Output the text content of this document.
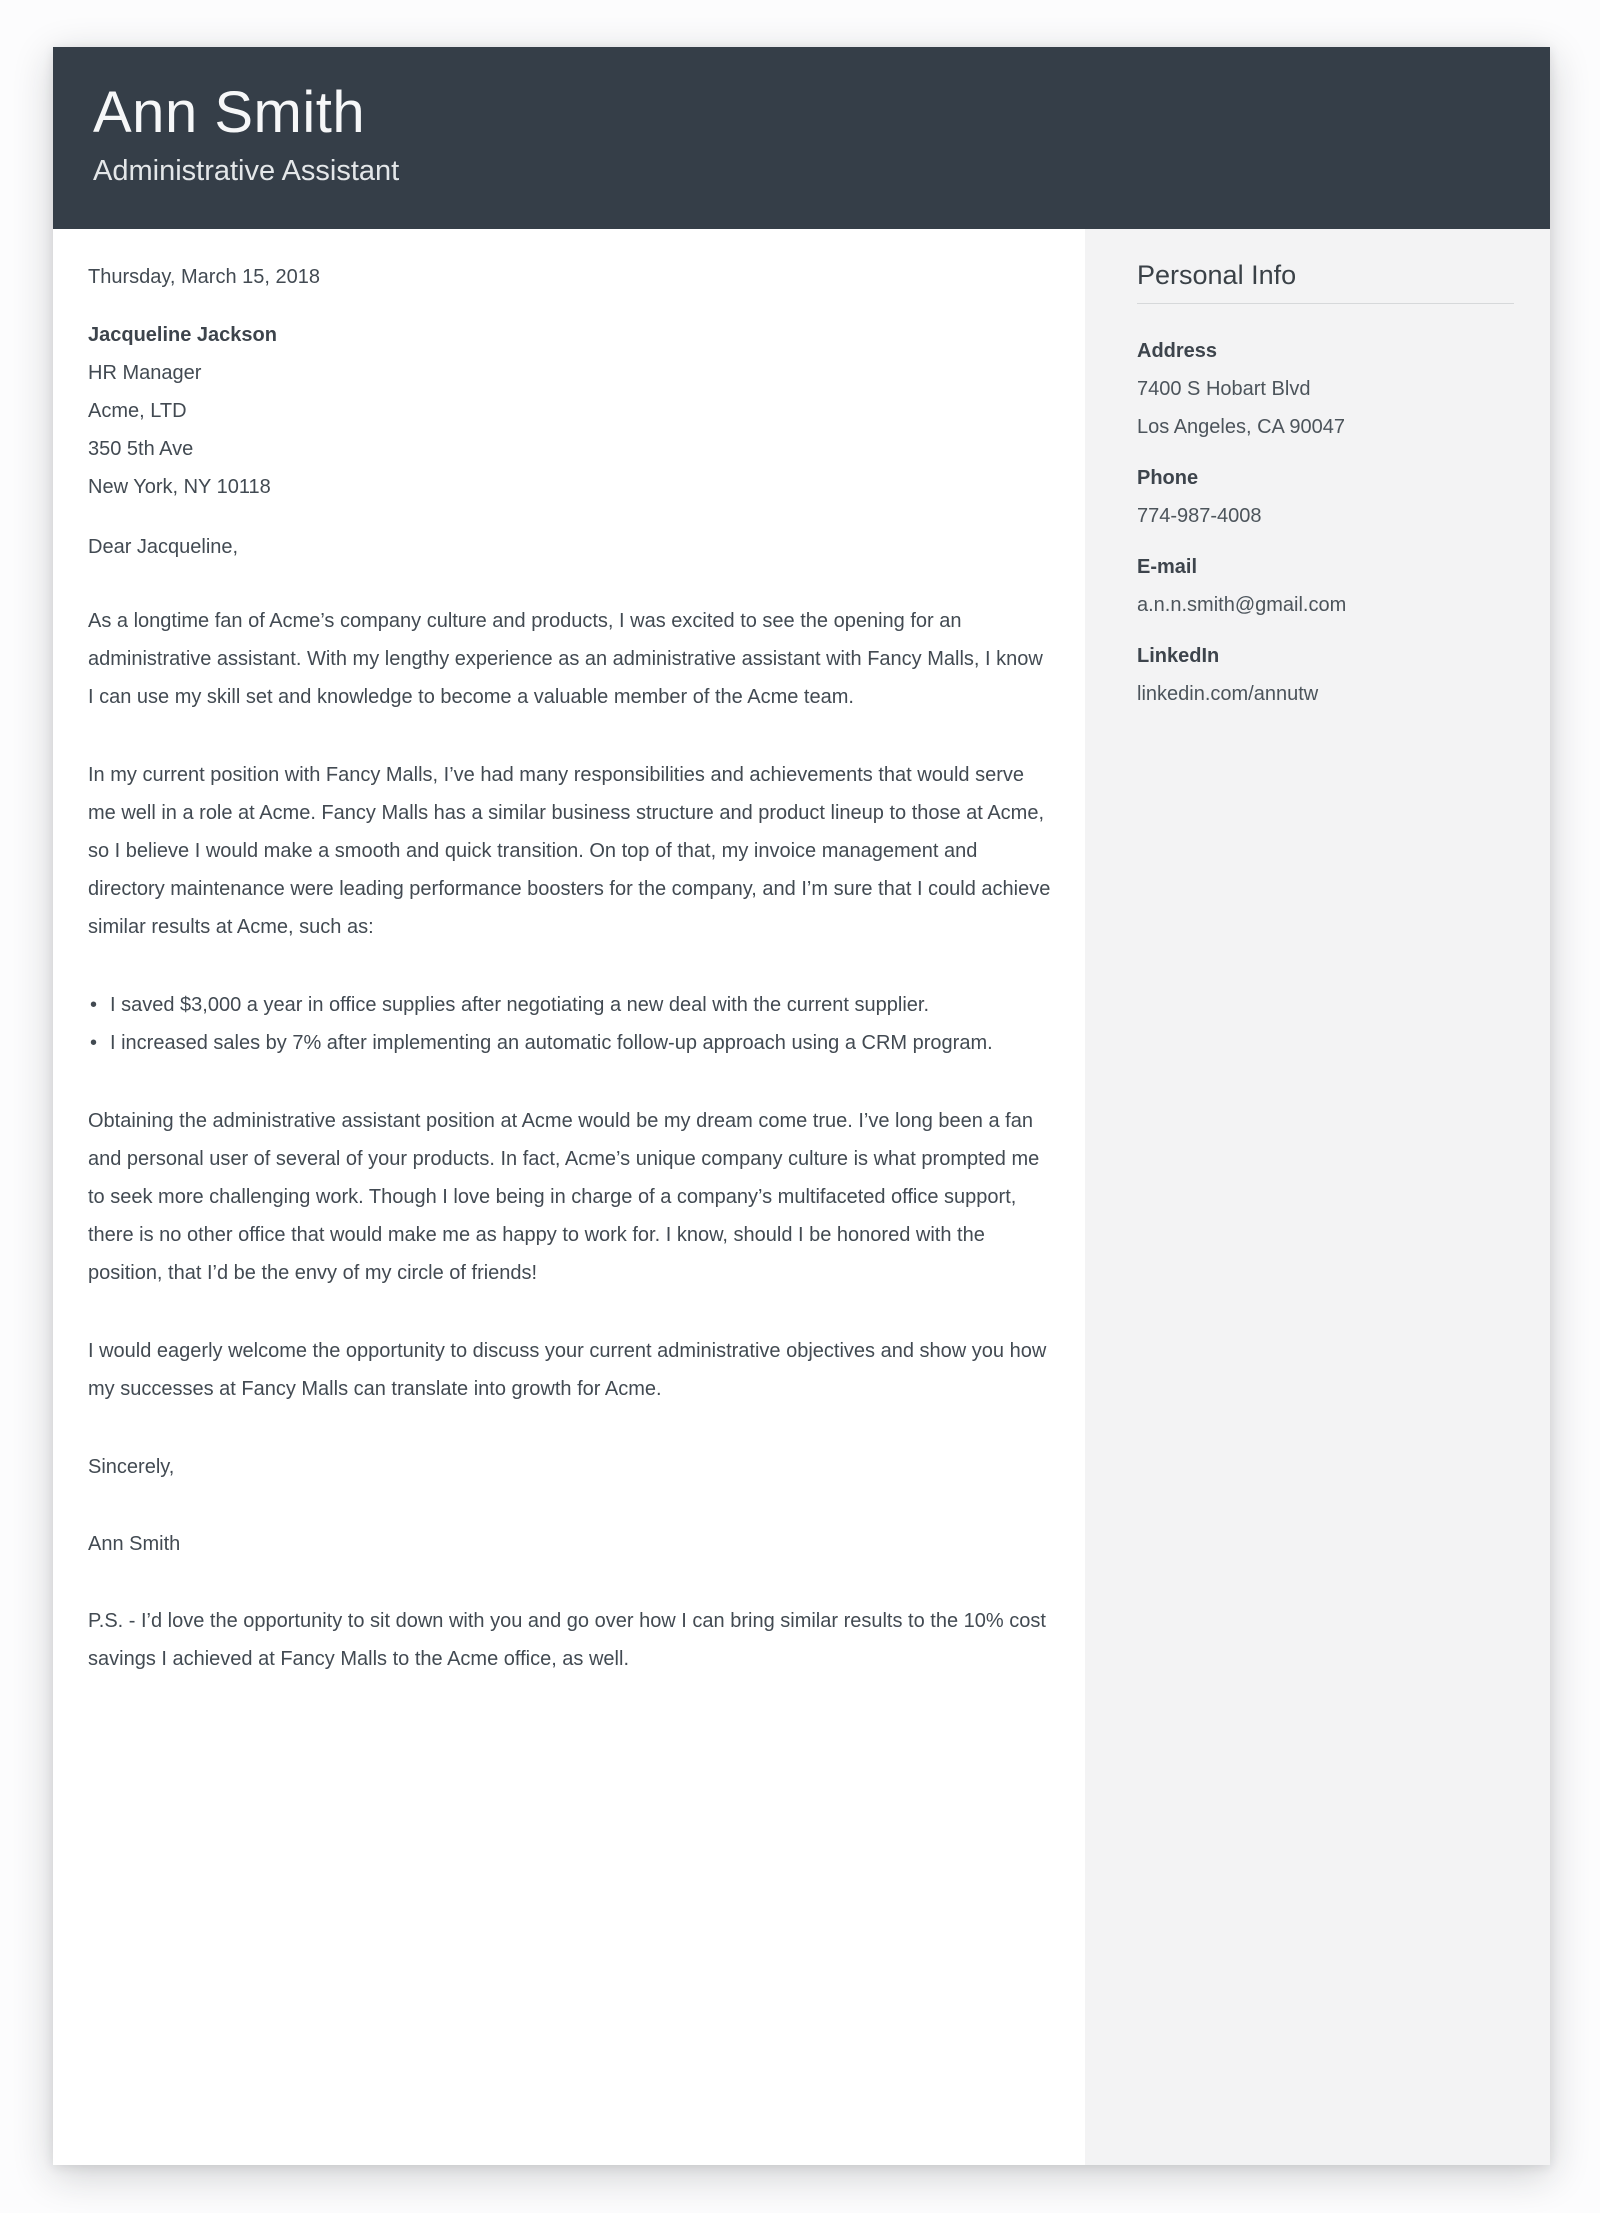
Ann Smith
Administrative Assistant

Thursday, March 15, 2018

Jacqueline Jackson

HR Manager

Acme, LTD

350 5th Ave

New York, NY 10118

Dear Jacqueline,

As a longtime fan of Acme’s company culture and products, I was excited to see the opening for an administrative assistant. With my lengthy experience as an administrative assistant with Fancy Malls, I know I can use my skill set and knowledge to become a valuable member of the Acme team.

In my current position with Fancy Malls, I’ve had many responsibilities and achievements that would serve me well in a role at Acme. Fancy Malls has a similar business structure and product lineup to those at Acme, so I believe I would make a smooth and quick transition. On top of that, my invoice management and directory maintenance were leading performance boosters for the company, and I’m sure that I could achieve similar results at Acme, such as:

• I saved $3,000 a year in office supplies after negotiating a new deal with the current supplier.
• I increased sales by 7% after implementing an automatic follow-up approach using a CRM program.

Obtaining the administrative assistant position at Acme would be my dream come true. I’ve long been a fan and personal user of several of your products. In fact, Acme’s unique company culture is what prompted me to seek more challenging work. Though I love being in charge of a company’s multifaceted office support, there is no other office that would make me as happy to work for. I know, should I be honored with the position, that I’d be the envy of my circle of friends!

I would eagerly welcome the opportunity to discuss your current administrative objectives and show you how my successes at Fancy Malls can translate into growth for Acme.

Sincerely,

Ann Smith

P.S. - I’d love the opportunity to sit down with you and go over how I can bring similar results to the 10% cost savings I achieved at Fancy Malls to the Acme office, as well.

Personal Info
Address
7400 S Hobart Blvd
Los Angeles, CA 90047
Phone
774-987-4008
E-mail
a.n.n.smith@gmail.com
LinkedIn
linkedin.com/annutw
